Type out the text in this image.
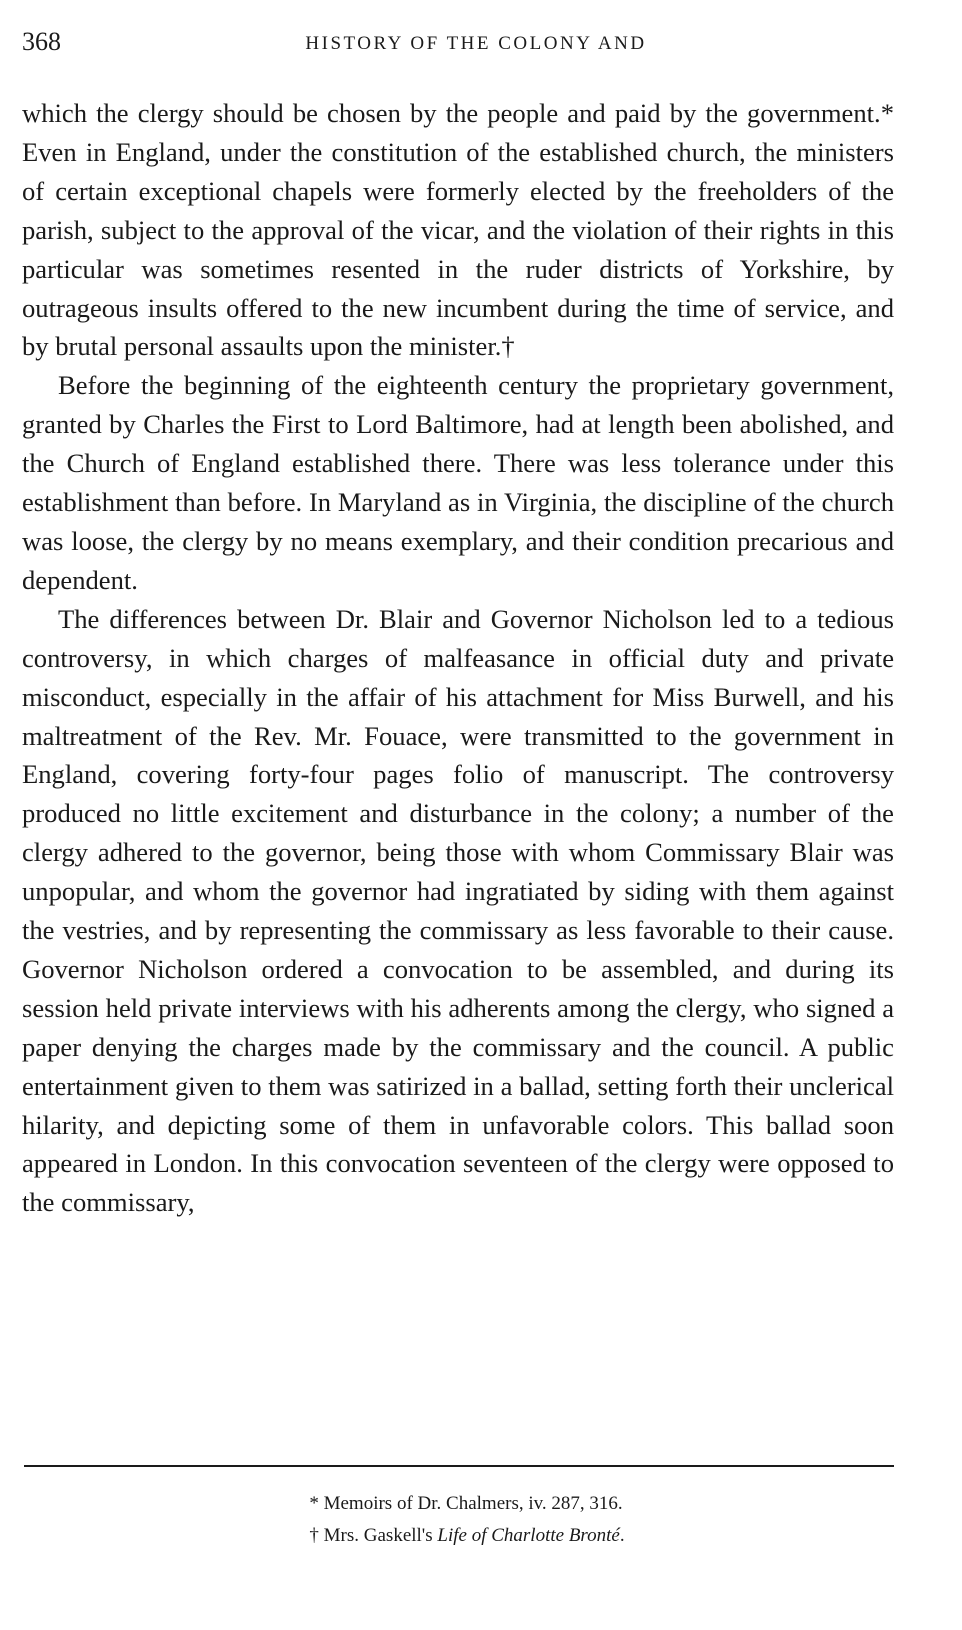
368	HISTORY OF THE COLONY AND

which the clergy should be chosen by the people and paid by the government.* Even in England, under the constitution of the established church, the ministers of certain exceptional chapels were formerly elected by the freeholders of the parish, subject to the approval of the vicar, and the violation of their rights in this particular was sometimes resented in the ruder districts of Yorkshire, by outrageous insults offered to the new incumbent during the time of service, and by brutal personal assaults upon the minister.†

Before the beginning of the eighteenth century the proprietary government, granted by Charles the First to Lord Baltimore, had at length been abolished, and the Church of England established there. There was less tolerance under this establishment than before. In Maryland as in Virginia, the discipline of the church was loose, the clergy by no means exemplary, and their condition precarious and dependent.

The differences between Dr. Blair and Governor Nicholson led to a tedious controversy, in which charges of malfeasance in official duty and private misconduct, especially in the affair of his attachment for Miss Burwell, and his maltreatment of the Rev. Mr. Fouace, were transmitted to the government in England, covering forty-four pages folio of manuscript. The controversy produced no little excitement and disturbance in the colony; a number of the clergy adhered to the governor, being those with whom Commissary Blair was unpopular, and whom the governor had ingratiated by siding with them against the vestries, and by representing the commissary as less favorable to their cause. Governor Nicholson ordered a convocation to be assembled, and during its session held private interviews with his adherents among the clergy, who signed a paper denying the charges made by the commissary and the council. A public entertainment given to them was satirized in a ballad, setting forth their unclerical hilarity, and depicting some of them in unfavorable colors. This ballad soon appeared in London. In this convocation seventeen of the clergy were opposed to the commissary,

* Memoirs of Dr. Chalmers, iv. 287, 316.

† Mrs. Gaskell's Life of Charlotte Bronté.
